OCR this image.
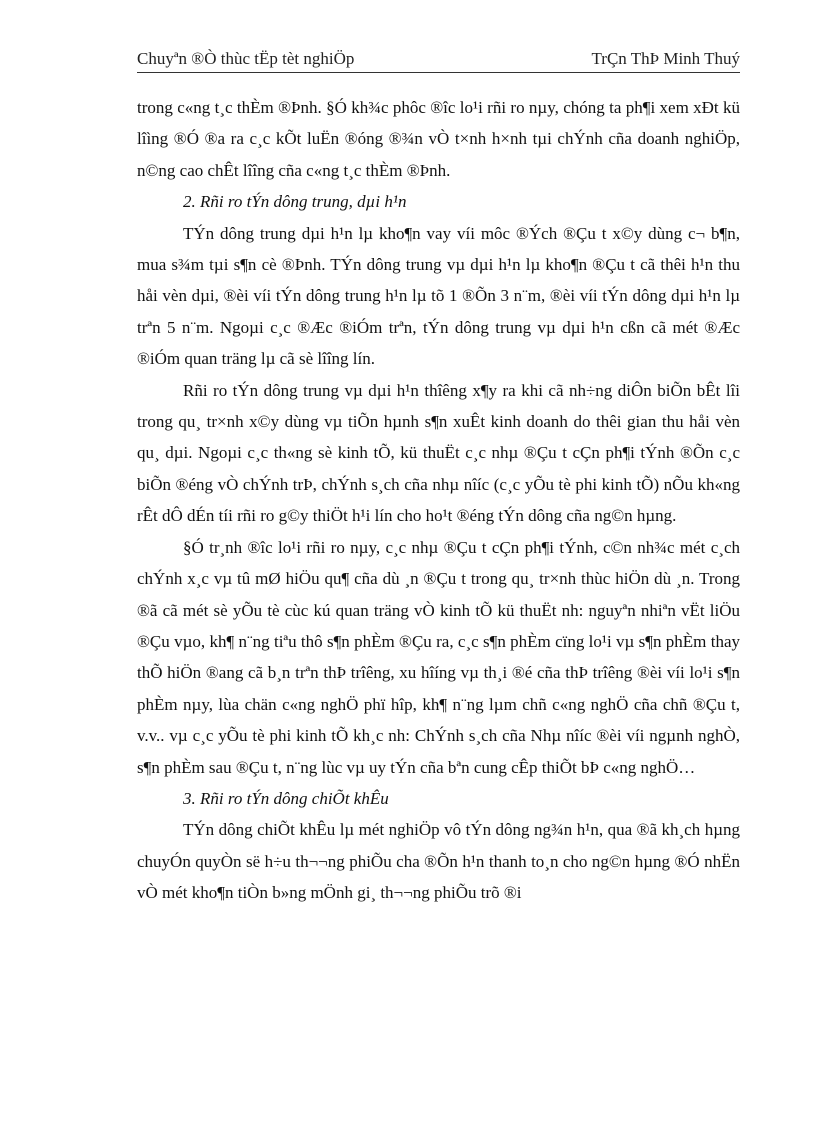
Chuyªn ®Ò thùc tËp tèt nghiÖp	TrÇn ThÞ Minh Thuý

trong c«ng t¸c thÈm ®Þnh. §Ó kh¾c phôc ®îc lo¹i rñi ro nµy, chóng ta ph¶i xem xÐt kü lîìng ®Ó ®a ra c¸c kÕt luËn ®óng ®¾n vÒ t×nh h×nh tµi chÝnh cña doanh nghiÖp, n©ng cao chÊt lîîng cña c«ng t¸c thÈm ®Þnh.

2. Rñi ro tÝn dông trung, dµi h¹n

TÝn dông trung dµi h¹n lµ kho¶n vay víi môc ®Ých ®Çu t x©y dùng c¬ b¶n, mua s¾m tµi s¶n cè ®Þnh. TÝn dông trung vµ dµi h¹n lµ kho¶n ®Çu t cã thêi h¹n thu håi vèn dµi, ®èi víi tÝn dông trung h¹n lµ tõ 1 ®Õn 3 n¨m, ®èi víi tÝn dông dµi h¹n lµ trªn 5 n¨m. Ngoµi c¸c ®Æc ®iÓm trªn, tÝn dông trung vµ dµi h¹n cßn cã mét ®Æc ®iÓm quan träng lµ cã sè lîîng lín.

Rñi ro tÝn dông trung vµ dµi h¹n thîêng x¶y ra khi cã nh÷ng diÔn biÕn bÊt lîi trong qu¸ tr×nh x©y dùng vµ tiÕn hµnh s¶n xuÊt kinh doanh do thêi gian thu håi vèn qu¸ dµi. Ngoµi c¸c th«ng sè kinh tÕ, kü thuËt c¸c nhµ ®Çu t cÇn ph¶i tÝnh ®Õn c¸c biÕn ®éng vÒ chÝnh trÞ, chÝnh s¸ch cña nhµ nîíc (c¸c yÕu tè phi kinh tÕ) nÕu kh«ng rÊt dÔ dÉn tíi rñi ro g©y thiÖt h¹i lín cho ho¹t ®éng tÝn dông cña ng©n hµng.

§Ó tr¸nh ®îc lo¹i rñi ro nµy, c¸c nhµ ®Çu t cÇn ph¶i tÝnh, c©n nh¾c mét c¸ch chÝnh x¸c vµ tû mØ hiÖu qu¶ cña dù ¸n ®Çu t trong qu¸ tr×nh thùc hiÖn dù ¸n. Trong ®ã cã mét sè yÕu tè cùc kú quan träng vÒ kinh tÕ kü thuËt nh: nguyªn nhiªn vËt liÖu ®Çu vµo, kh¶ n¨ng tiªu thô s¶n phÈm ®Çu ra, c¸c s¶n phÈm cïng lo¹i vµ s¶n phÈm thay thÕ hiÖn ®ang cã b¸n trªn thÞ trîêng, xu hîíng vµ th¸i ®é cña thÞ trîêng ®èi víi lo¹i s¶n phÈm nµy, lùa chän c«ng nghÖ phï hîp, kh¶ n¨ng lµm chñ c«ng nghÖ cña chñ ®Çu t, v.v.. vµ c¸c yÕu tè phi kinh tÕ kh¸c nh: ChÝnh s¸ch cña Nhµ nîíc ®èi víi ngµnh nghÒ, s¶n phÈm sau ®Çu t, n¨ng lùc vµ uy tÝn cña bªn cung cÊp thiÕt bÞ c«ng nghÖ…

3. Rñi ro tÝn dông chiÕt khÊu

TÝn dông chiÕt khÊu lµ mét nghiÖp vô tÝn dông ng¾n h¹n, qua ®ã kh¸ch hµng chuyÓn quyÒn së h÷u th¬¬ng phiÕu cha ®Õn h¹n thanh to¸n cho ng©n hµng ®Ó nhËn vÒ mét kho¶n tiÒn b»ng mÖnh gi¸ th¬¬ng phiÕu trõ ®i
